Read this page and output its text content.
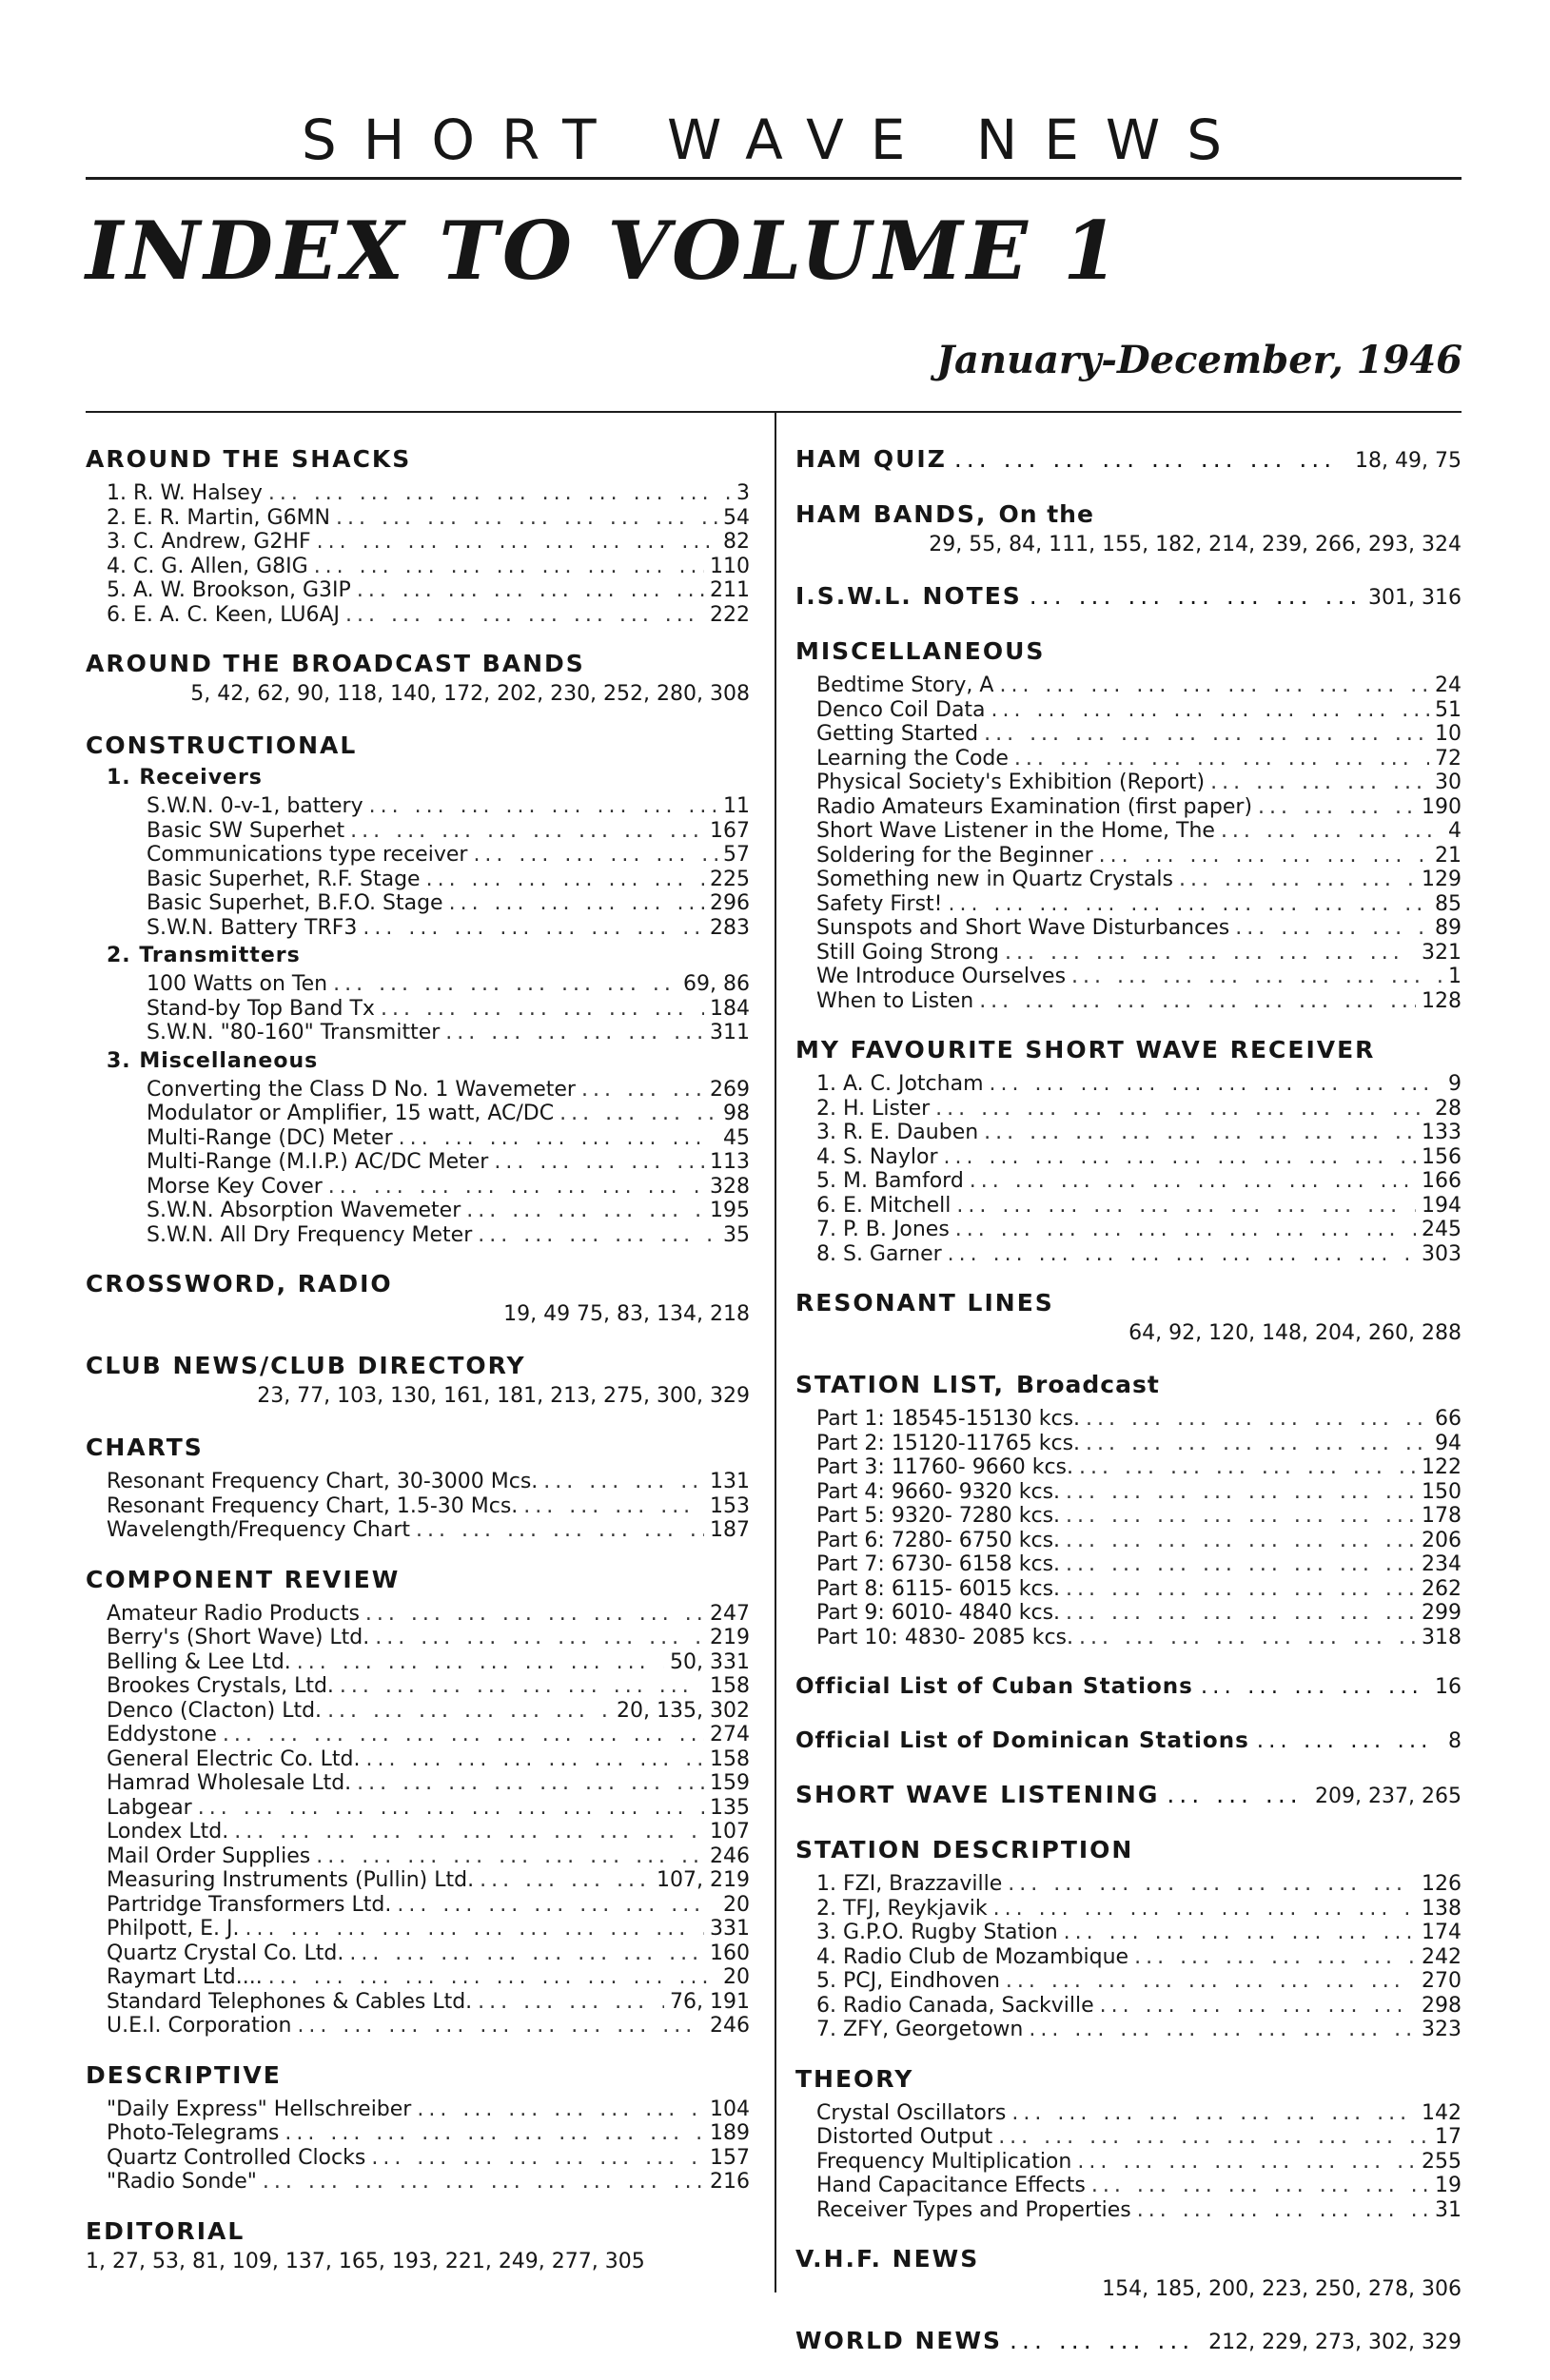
SHORT WAVE NEWS
INDEX TO VOLUME 1
January-December, 1946
AROUND THE SHACKS
1. R. W. Halsey ... .	3
2. E. R. Martin, G6MN ... .	54
3. C. Andrew, G2HF ... .	82
4. C. G. Allen, G8IG ... .	110
5. A. W. Brookson, G3IP ... .	211
6. E. A. C. Keen, LU6AJ ... .	222
AROUND THE BROADCAST BANDS
5, 42, 62, 90, 118, 140, 172, 202, 230, 252, 280, 308
CONSTRUCTIONAL
1. Receivers
S.W.N. 0-v-1, battery ... .	11
Basic SW Superhet ... .	167
Communications type receiver ... .	57
Basic Superhet, R.F. Stage ... .	225
Basic Superhet, B.F.O. Stage ... .	296
S.W.N. Battery TRF3 ... .	283
2. Transmitters
100 Watts on Ten ... .	69, 86
Stand-by Top Band Tx ... .	184
S.W.N. "80-160" Transmitter ... .	311
3. Miscellaneous
Converting the Class D No. 1 Wavemeter ... .	269
Modulator or Amplifier, 15 watt, AC/DC ... .	98
Multi-Range (DC) Meter ... .	45
Multi-Range (M.I.P.) AC/DC Meter ... .	113
Morse Key Cover ... .	328
S.W.N. Absorption Wavemeter ... .	195
S.W.N. All Dry Frequency Meter ... .	35
CROSSWORD, RADIO
19, 49 75, 83, 134, 218
CLUB NEWS/CLUB DIRECTORY
23, 77, 103, 130, 161, 181, 213, 275, 300, 329
CHARTS
Resonant Frequency Chart, 30-3000 Mcs. ... .	131
Resonant Frequency Chart, 1.5-30 Mcs. ... .	153
Wavelength/Frequency Chart ... .	187
COMPONENT REVIEW
Amateur Radio Products ... .	247
Berry's (Short Wave) Ltd. ... .	219
Belling & Lee Ltd. ... .	50, 331
Brookes Crystals, Ltd. ... .	158
Denco (Clacton) Ltd. ... .	20, 135, 302
Eddystone ... .	274
General Electric Co. Ltd. ... .	158
Hamrad Wholesale Ltd. ... .	159
Labgear ... .	135
Londex Ltd. ... .	107
Mail Order Supplies ... .	246
Measuring Instruments (Pullin) Ltd. ... .	107, 219
Partridge Transformers Ltd. ... .	20
Philpott, E. J. ... .	331
Quartz Crystal Co. Ltd. ... .	160
Raymart Ltd.... ... .	20
Standard Telephones & Cables Ltd. ... .	76, 191
U.E.I. Corporation ... .	246
DESCRIPTIVE
"Daily Express" Hellschreiber ... .	104
Photo-Telegrams ... .	189
Quartz Controlled Clocks ... .	157
"Radio Sonde" ... .	216
EDITORIAL
1, 27, 53, 81, 109, 137, 165, 193, 221, 249, 277, 305
HAM QUIZ ... .	18, 49, 75
HAM BANDS, On the
29, 55, 84, 111, 155, 182, 214, 239, 266, 293, 324
I.S.W.L. NOTES ... .	301, 316
MISCELLANEOUS
Bedtime Story, A ... .	24
Denco Coil Data ... .	51
Getting Started ... .	10
Learning the Code ... .	72
Physical Society's Exhibition (Report) ... .	30
Radio Amateurs Examination (first paper) ... .	190
Short Wave Listener in the Home, The ... .	4
Soldering for the Beginner ... .	21
Something new in Quartz Crystals ... .	129
Safety First! ... .	85
Sunspots and Short Wave Disturbances ... .	89
Still Going Strong ... .	321
We Introduce Ourselves ... .	1
When to Listen ... .	128
MY FAVOURITE SHORT WAVE RECEIVER
1. A. C. Jotcham ... .	9
2. H. Lister ... .	28
3. R. E. Dauben ... .	133
4. S. Naylor ... .	156
5. M. Bamford ... .	166
6. E. Mitchell ... .	194
7. P. B. Jones ... .	245
8. S. Garner ... .	303
RESONANT LINES
64, 92, 120, 148, 204, 260, 288
STATION LIST, Broadcast
Part 1: 18545-15130 kcs. ... .	66
Part 2: 15120-11765 kcs. ... .	94
Part 3: 11760- 9660 kcs. ... .	122
Part 4: 9660- 9320 kcs. ... .	150
Part 5: 9320- 7280 kcs. ... .	178
Part 6: 7280- 6750 kcs. ... .	206
Part 7: 6730- 6158 kcs. ... .	234
Part 8: 6115- 6015 kcs. ... .	262
Part 9: 6010- 4840 kcs. ... .	299
Part 10: 4830- 2085 kcs. ... .	318
Official List of Cuban Stations ... .	16
Official List of Dominican Stations ... .	8
SHORT WAVE LISTENING ... .	209, 237, 265
STATION DESCRIPTION
1. FZI, Brazzaville ... .	126
2. TFJ, Reykjavik ... .	138
3. G.P.O. Rugby Station ... .	174
4. Radio Club de Mozambique ... .	242
5. PCJ, Eindhoven ... .	270
6. Radio Canada, Sackville ... .	298
7. ZFY, Georgetown ... .	323
THEORY
Crystal Oscillators ... .	142
Distorted Output ... .	17
Frequency Multiplication ... .	255
Hand Capacitance Effects ... .	19
Receiver Types and Properties ... .	31
V.H.F. NEWS
154, 185, 200, 223, 250, 278, 306
WORLD NEWS ... .	212, 229, 273, 302, 329
